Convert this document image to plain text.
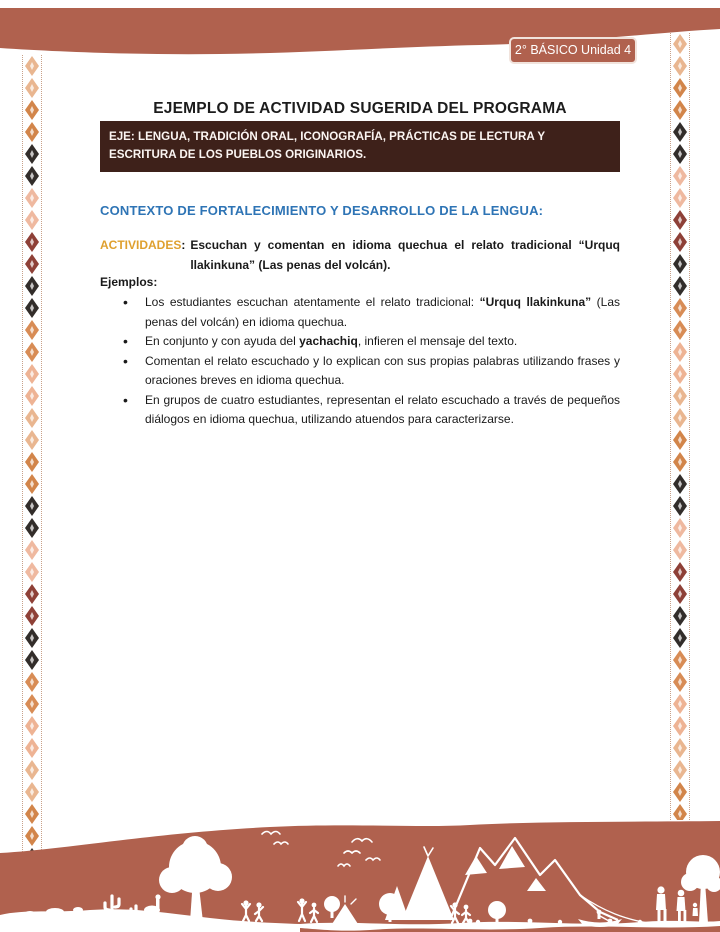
2° BÁSICO Unidad 4
EJEMPLO DE ACTIVIDAD SUGERIDA DEL PROGRAMA
EJE: LENGUA, TRADICIÓN ORAL, ICONOGRAFÍA, PRÁCTICAS DE LECTURA Y ESCRITURA DE LOS PUEBLOS ORIGINARIOS.
CONTEXTO DE FORTALECIMIENTO Y DESARROLLO DE LA LENGUA:
ACTIVIDADES : Escuchan y comentan en idioma quechua el relato tradicional “Urquq llakinkuna” (Las penas del volcán).

Ejemplos:
• Los estudiantes escuchan atentamente el relato tradicional: “Urquq llakinkuna” (Las penas del volcán) en idioma quechua.
• En conjunto y con ayuda del yachachiq, infieren el mensaje del texto.
• Comentan el relato escuchado y lo explican con sus propias palabras utilizando frases y oraciones breves en idioma quechua.
• En grupos de cuatro estudiantes, representan el relato escuchado a través de pequeños diálogos en idioma quechua, utilizando atuendos para caracterizarse.
